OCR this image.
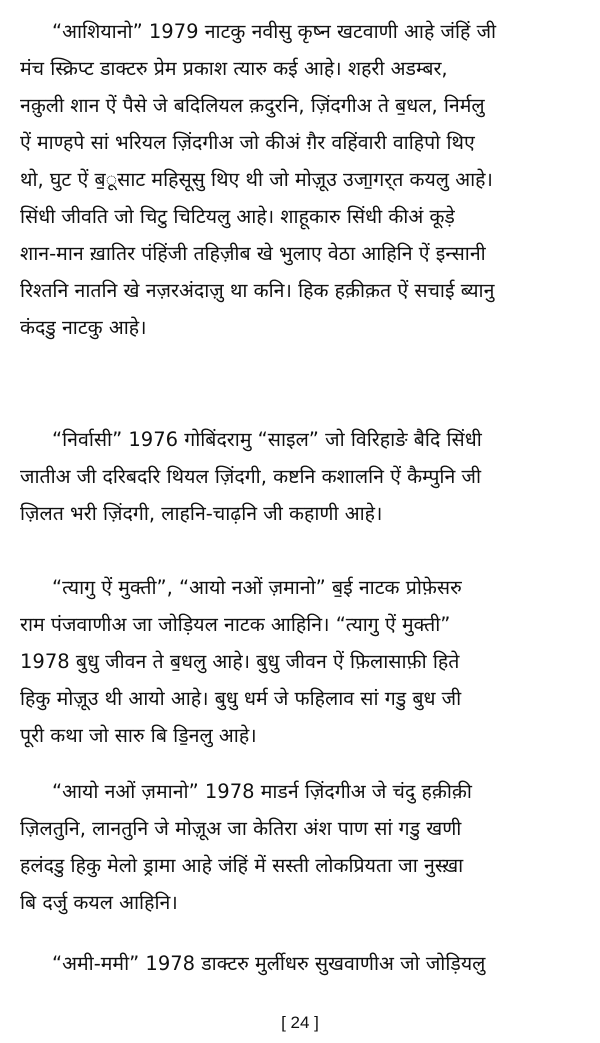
“आशियानो” 1979 नाटकु नवीसु कृष्न खटवाणी आहे जंहिं जी
मंच स्क्रिप्ट डाक्टरु प्रेम प्रकाश त्यारु कई आहे। शहरी अडम्बर,
नक़ुली शान ऐं पैसे जे बदिलियल क़दुरनि, ज़िंदगीअ ते ब॒धल, निर्मलु
ऐं माण्हपे सां भरियल ज़िंदगीअ जो कीअं ग़ैर वहिंवारी वाहिपो थिए
थो, घुट ऐं ब॒ूसाट महिसूसु थिए थी जो मोज़ूउ उजा॒गर्‌त कयलु आहे।
सिंधी जीवति जो चिटु चिटियलु आहे। शाहूकारु सिंधी कीअं कूड़े
शान-मान ख़ातिर पंहिंजी तहिज़ीब खे भुलाए वेठा आहिनि ऐं इन्सानी
रिश्तनि नातनि खे नज़रअंदाज़ु था कनि। हिक हक़ीक़त ऐं सचाई ब्यानु
कंदडु नाटकु आहे।
“निर्वासी” 1976 गोबिंदरामु “साइल” जो विरिहाङे बैदि सिंधी
जातीअ जी दरिबदरि थियल ज़िंदगी, कष्टनि कशालनि ऐं कैम्पुनि जी
ज़िलत भरी ज़िंदगी, लाहनि-चाढ़नि जी कहाणी आहे।
“त्यागु ऐं मुक्ती”, “आयो नओं ज़मानो” ब॒ई नाटक प्रोफ़ेसरु
राम पंजवाणीअ जा जोड़ियल नाटक आहिनि। “त्यागु ऐं मुक्ती”
1978 बुधु जीवन ते ब॒धलु आहे। बुधु जीवन ऐं फ़िलासाफ़ी हिते
हिकु मोज़ूउ थी आयो आहे। बुधु धर्म जे फहिलाव सां गडु बुध जी
पूरी कथा जो सारु बि डि॒नलु आहे।
“आयो नओं ज़मानो” 1978 माडर्न ज़िंदगीअ जे चंदु हक़ीक़ी
ज़िलतुनि, लानतुनि जे मोज़ूअ जा केतिरा अंश पाण सां गडु खणी
हलंदडु हिकु मेलो ड्रामा आहे जंहिं में सस्ती लोकप्रियता जा नुस्ख़ा
बि दर्जु कयल आहिनि।
“अमी-ममी” 1978 डाक्टरु मुर्लीधरु सुखवाणीअ जो जोड़ियलु
[ 24 ]
